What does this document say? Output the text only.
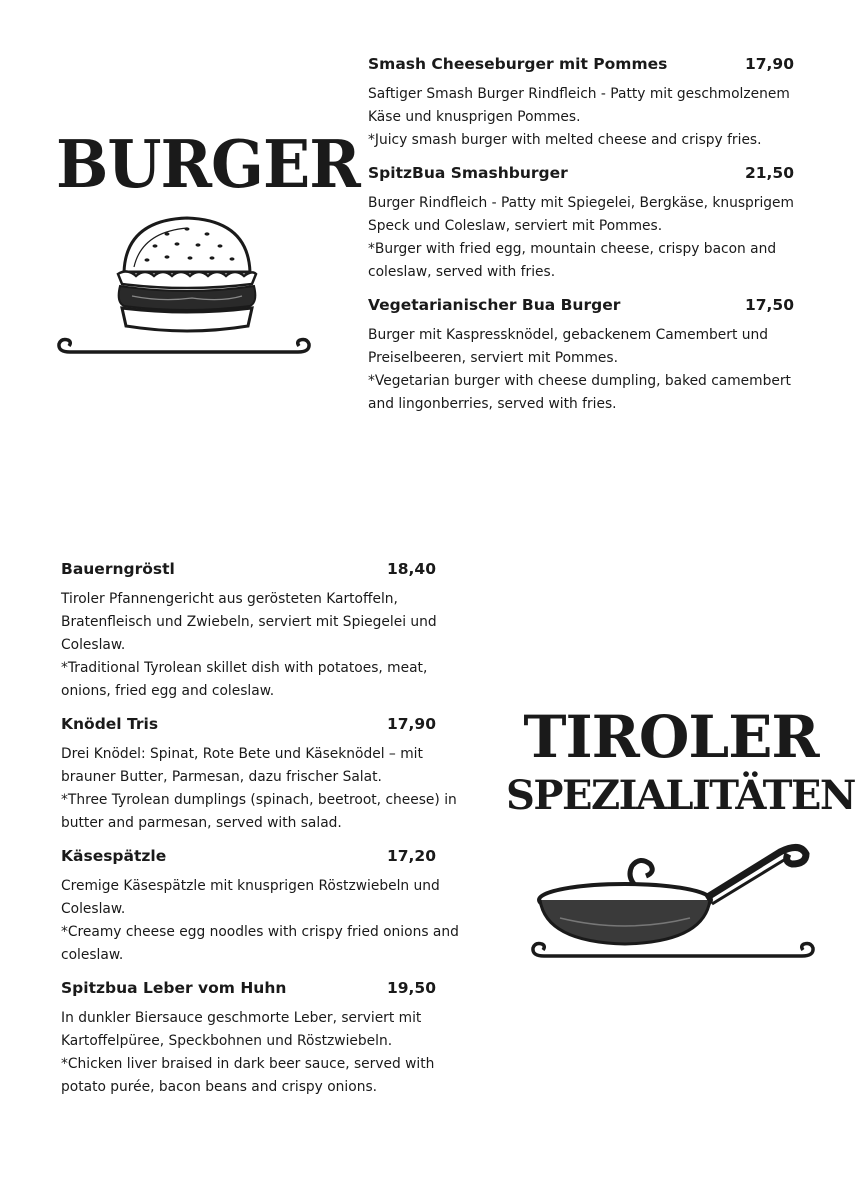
BURGER
Smash Cheeseburger mit Pommes	17,90
Saftiger Smash Burger Rindfleich - Patty mit geschmolzenem Käse und knusprigen Pommes.
*Juicy smash burger with melted cheese and crispy fries.
SpitzBua Smashburger	21,50
Burger Rindfleich - Patty mit Spiegelei, Bergkäse, knusprigem Speck und Coleslaw, serviert mit Pommes.
*Burger with fried egg, mountain cheese, crispy bacon and coleslaw, served with fries.
Vegetarianischer Bua Burger	17,50
Burger mit Kaspressknödel, gebackenem Camembert und Preiselbeeren, serviert mit Pommes.
*Vegetarian burger with cheese dumpling, baked camembert and lingonberries, served with fries.
Bauerngröstl	18,40
Tiroler Pfannengericht aus gerösteten Kartoffeln, Bratenfleisch und Zwiebeln, serviert mit Spiegelei und Coleslaw.
*Traditional Tyrolean skillet dish with potatoes, meat, onions, fried egg and coleslaw.
Knödel Tris	17,90
Drei Knödel: Spinat, Rote Bete und Käseknödel – mit brauner Butter, Parmesan, dazu frischer Salat.
*Three Tyrolean dumplings (spinach, beetroot, cheese) in butter and parmesan, served with salad.
Käsespätzle	17,20
Cremige Käsespätzle mit knusprigen Röstzwiebeln und Coleslaw.
*Creamy cheese egg noodles with crispy fried onions and coleslaw.
Spitzbua Leber vom Huhn	19,50
In dunkler Biersauce geschmorte Leber, serviert mit Kartoffelpürее, Speckbohnen und Röstzwiebeln.
*Chicken liver braised in dark beer sauce, served with potato purée, bacon beans and crispy onions.
TIROLER
SPEZIALITÄTEN
